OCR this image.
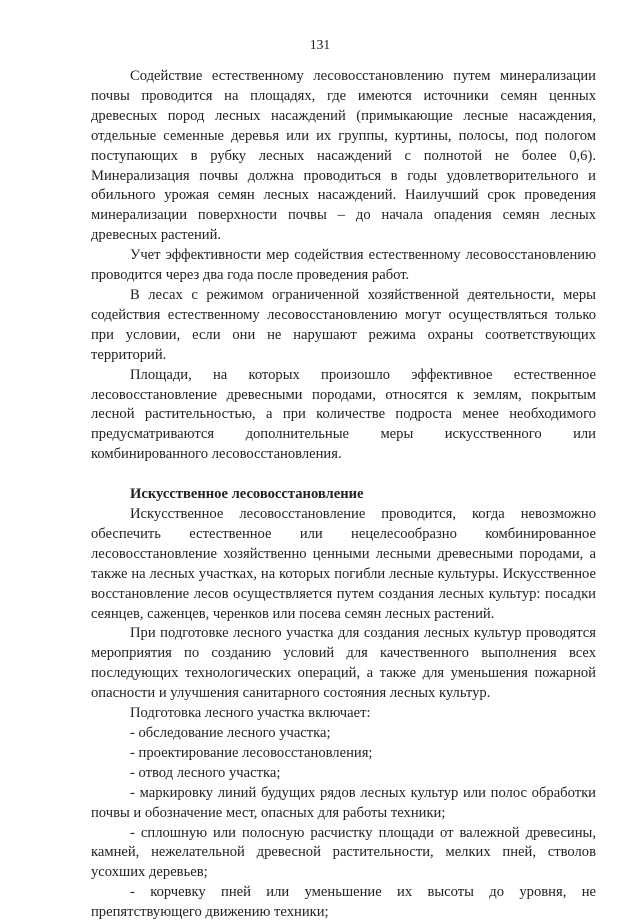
131

Содействие естественному лесовосстановлению путем минерализации почвы проводится на площадях, где имеются источники семян ценных древесных пород лесных насаждений (примыкающие лесные насаждения, отдельные семенные деревья или их группы, куртины, полосы, под пологом поступающих в рубку лесных насаждений с полнотой не более 0,6). Минерализация почвы должна проводиться в годы удовлетворительного и обильного урожая семян лесных насаждений. Наилучший срок проведения минерализации поверхности почвы – до начала опадения семян лесных древесных растений.

Учет эффективности мер содействия естественному лесовосстановлению проводится через два года после проведения работ.

В лесах с режимом ограниченной хозяйственной деятельности, меры содействия естественному лесовосстановлению могут осуществляться только при условии, если они не нарушают режима охраны соответствующих территорий.

Площади, на которых произошло эффективное естественное лесовосстановление древесными породами, относятся к землям, покрытым лесной растительностью, а при количестве подроста менее необходимого предусматриваются дополнительные меры искусственного или комбинированного лесовосстановления.

Искусственное лесовосстановление

Искусственное лесовосстановление проводится, когда невозможно обеспечить естественное или нецелесообразно комбинированное лесовосстановление хозяйственно ценными лесными древесными породами, а также на лесных участках, на которых погибли лесные культуры. Искусственное восстановление лесов осуществляется путем создания лесных культур: посадки сеянцев, саженцев, черенков или посева семян лесных растений.

При подготовке лесного участка для создания лесных культур проводятся мероприятия по созданию условий для качественного выполнения всех последующих технологических операций, а также для уменьшения пожарной опасности и улучшения санитарного состояния лесных культур.

Подготовка лесного участка включает:

- обследование лесного участка;

- проектирование лесовосстановления;

- отвод лесного участка;

- маркировку линий будущих рядов лесных культур или полос обработки почвы и обозначение мест, опасных для работы техники;

- сплошную или полосную расчистку площади от валежной древесины, камней, нежелательной древесной растительности, мелких пней, стволов усохших деревьев;

- корчевку пней или уменьшение их высоты до уровня, не препятствующего движению техники;
